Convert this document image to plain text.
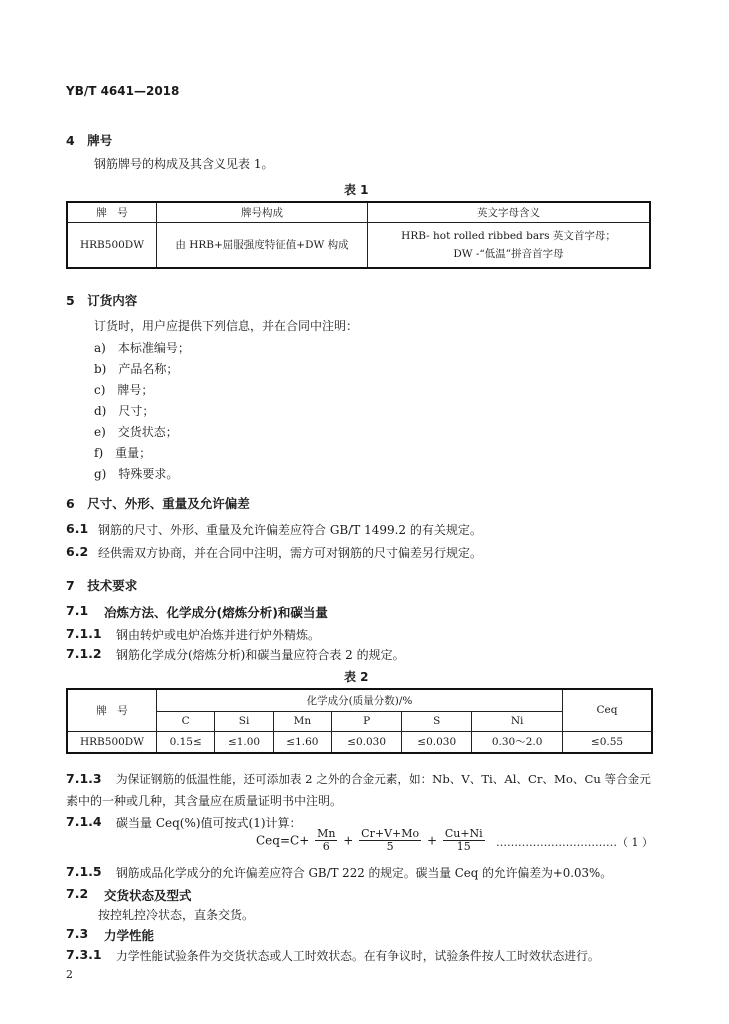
YB/T 4641—2018
4　牌号
钢筋牌号的构成及其含义见表 1。
表 1
牌　号	牌号构成	英文字母含义
HRB500DW	由 HRB+屈服强度特征值+DW 构成	HRB- hot rolled ribbed bars 英文首字母；
DW -“低温”拼音首字母
5　订货内容
订货时，用户应提供下列信息，并在合同中注明：
a)　本标准编号；
b)　产品名称；
c)　牌号；
d)　尺寸；
e)　交货状态；
f)　重量；
g)　特殊要求。
6　尺寸、外形、重量及允许偏差
6.1 钢筋的尺寸、外形、重量及允许偏差应符合 GB/T 1499.2 的有关规定。
6.2 经供需双方协商，并在合同中注明，需方可对钢筋的尺寸偏差另行规定。
7　技术要求
7.1 冶炼方法、化学成分(熔炼分析)和碳当量
7.1.1 钢由转炉或电炉冶炼并进行炉外精炼。
7.1.2 钢筋化学成分(熔炼分析)和碳当量应符合表 2 的规定。
表 2
牌　号	化学成分(质量分数)/%						Ceq
	C	Si	Mn	P	S	Ni	
HRB500DW	0.15≤	≤1.00	≤1.60	≤0.030	≤0.030	0.30～2.0	≤0.55
7.1.3 为保证钢筋的低温性能，还可添加表 2 之外的合金元素，如：Nb、V、Ti、Al、Cr、Mo、Cu 等合金元
素中的一种或几种，其含量应在质量证明书中注明。
7.1.4 碳当量 Ceq(%)值可按式(1)计算：
$Ceq=C+ \frac{Mn}{6} + \frac{Cr+V+Mo}{5} + \frac{Cu+Ni}{15}$ ……………………………（ 1 ）
7.1.5 钢筋成品化学成分的允许偏差应符合 GB/T 222 的规定。碳当量 Ceq 的允许偏差为+0.03%。
7.2 交货状态及型式
按控轧控冷状态，直条交货。
7.3 力学性能
7.3.1 力学性能试验条件为交货状态或人工时效状态。在有争议时，试验条件按人工时效状态进行。
2
